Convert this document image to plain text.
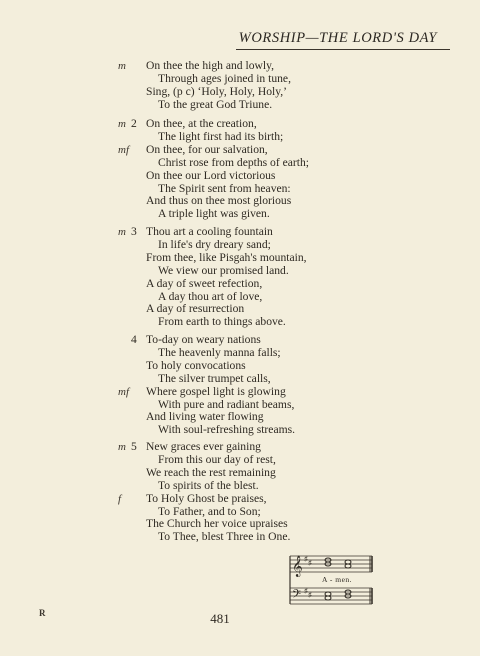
WORSHIP—THE LORD'S DAY
m On thee the high and lowly,
Through ages joined in tune,
Sing, (p c) ‘Holy, Holy, Holy,’
To the great God Triune.
2
m On thee, at the creation,
The light first had its birth;
mf On thee, for our salvation,
Christ rose from depths of earth;
On thee our Lord victorious
The Spirit sent from heaven:
And thus on thee most glorious
A triple light was given.
3
m Thou art a cooling fountain
In life's dry dreary sand;
From thee, like Pisgah's mountain,
We view our promised land.
A day of sweet refection,
A day thou art of love,
A day of resurrection
From earth to things above.
4 To-day on weary nations
The heavenly manna falls;
To holy convocations
The silver trumpet calls,
mf Where gospel light is glowing
With pure and radiant beams,
And living water flowing
With soul-refreshing streams.
5
m New graces ever gaining
From this our day of rest,
We reach the rest remaining
To spirits of the blest.
f To Holy Ghost be praises,
To Father, and to Son;
The Church her voice upraises
To Thee, blest Three in One.
𝄞
𝄢
♯ ♯
♯ ♯
A - men.
R	481
